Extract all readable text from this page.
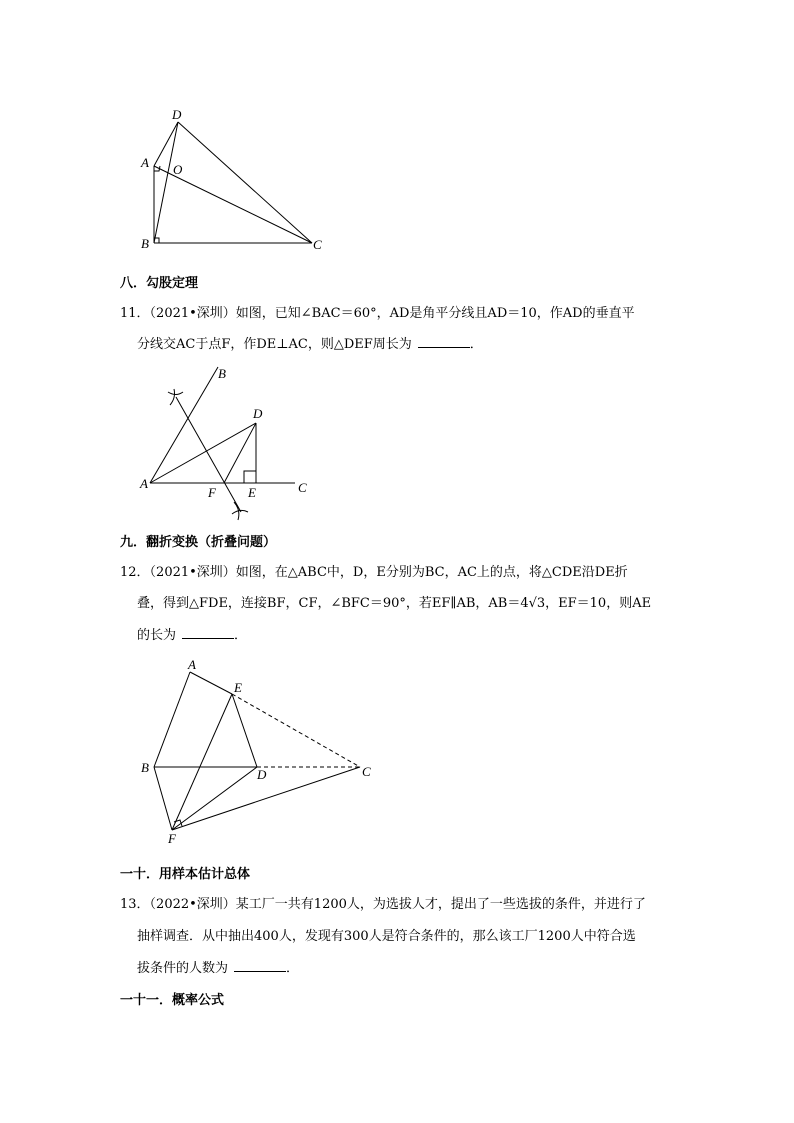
D
A O
B	C
八．勾股定理
11．（2021•深圳）如图，已知∠BAC＝60°，AD是角平分线且AD＝10，作AD的垂直平
分线交AC于点F，作DE⊥AC，则△DEF周长为	．
B
D
A
F E	C
九．翻折变换（折叠问题）
12．（2021•深圳）如图，在△ABC中，D，E分别为BC，AC上的点，将△CDE沿DE折
叠，得到△FDE，连接BF，CF，∠BFC＝90°，若EF∥AB，AB＝4√3，EF＝10，则AE
的长为	．
A
E
B	D	C
F
一十．用样本估计总体
13．（2022•深圳）某工厂一共有1200人，为选拔人才，提出了一些选拔的条件，并进行了
抽样调查．从中抽出400人，发现有300人是符合条件的，那么该工厂1200人中符合选
拔条件的人数为	．
一十一．概率公式
